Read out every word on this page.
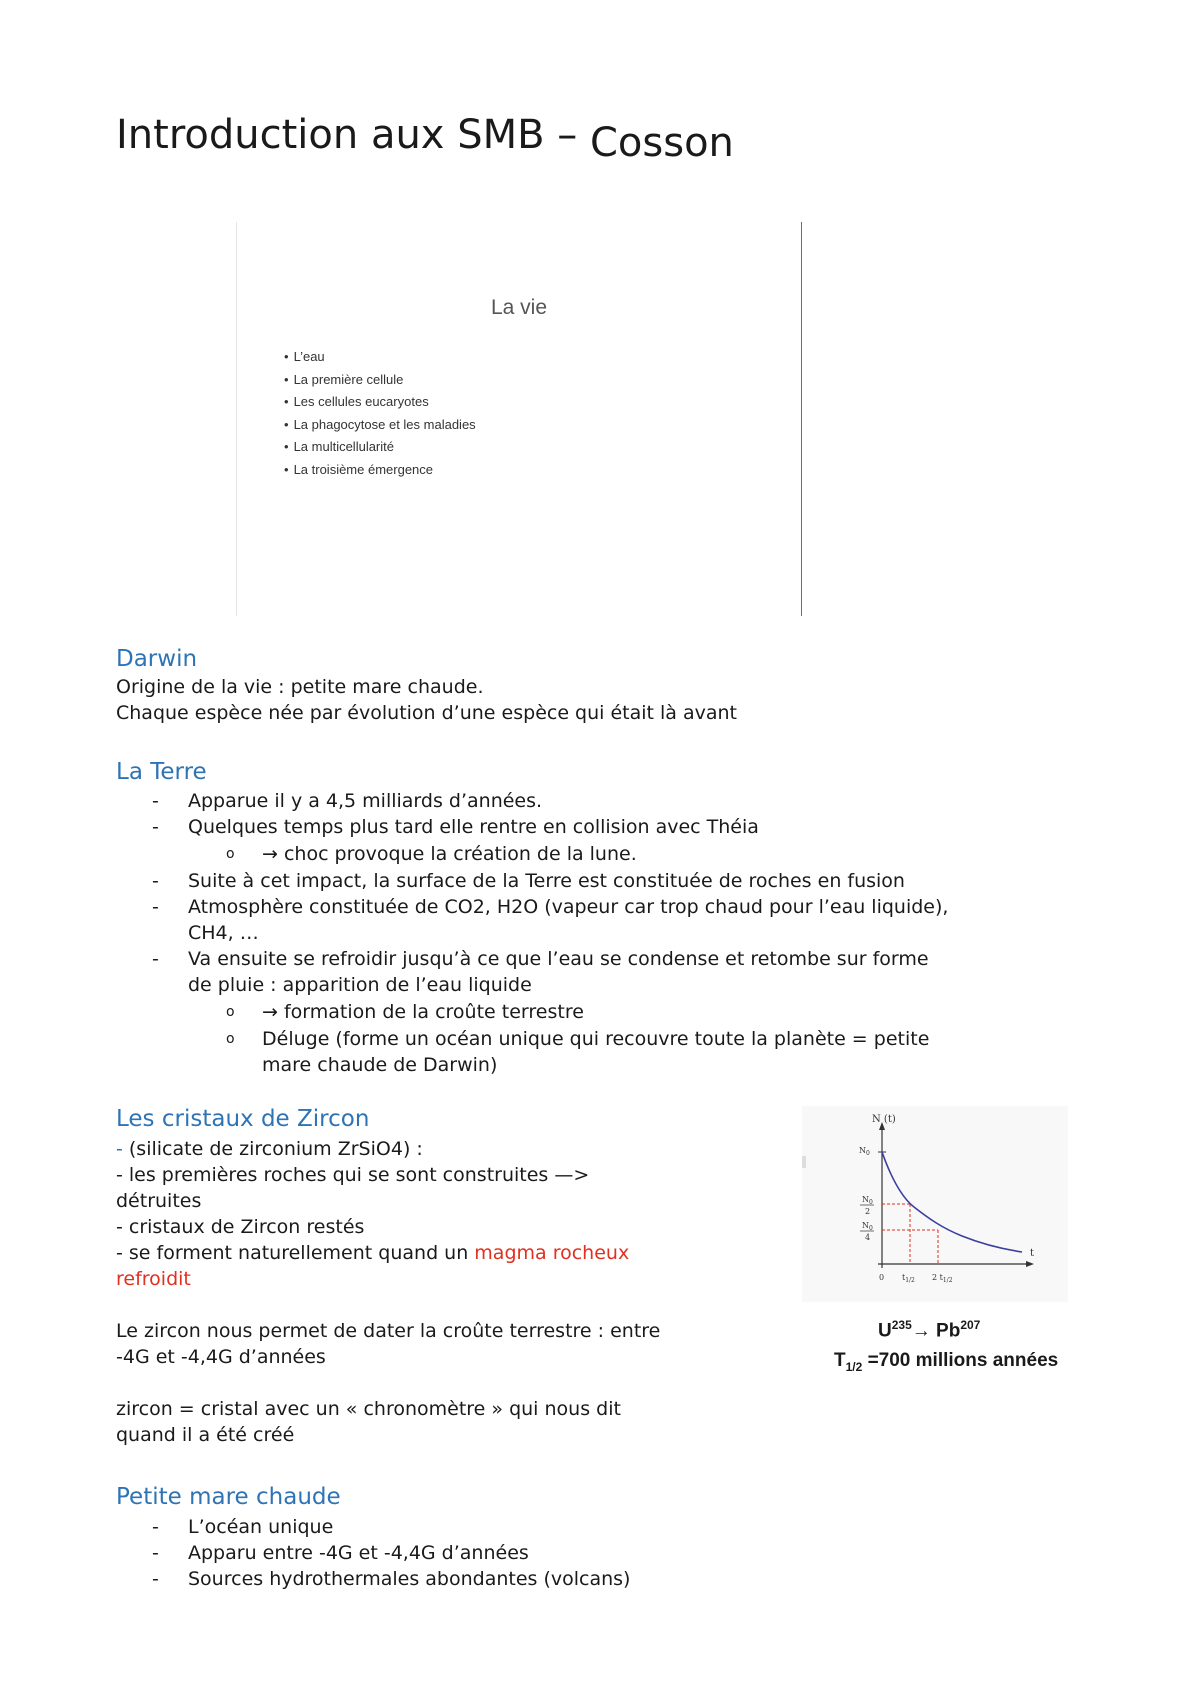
Introduction aux SMB – Cosson
La vie
• L’eau
• La première cellule
• Les cellules eucaryotes
• La phagocytose et les maladies
• La multicellularité
• La troisième émergence
Darwin
Origine de la vie : petite mare chaude.
Chaque espèce née par évolution d’une espèce qui était là avant
La Terre
- Apparue il y a 4,5 milliards d’années.
- Quelques temps plus tard elle rentre en collision avec Théia
o → choc provoque la création de la lune.
- Suite à cet impact, la surface de la Terre est constituée de roches en fusion
- Atmosphère constituée de CO2, H2O (vapeur car trop chaud pour l’eau liquide),
CH4, …
- Va ensuite se refroidir jusqu’à ce que l’eau se condense et retombe sur forme
de pluie : apparition de l’eau liquide
o → formation de la croûte terrestre
o Déluge (forme un océan unique qui recouvre toute la planète = petite
mare chaude de Darwin)
Les cristaux de Zircon
- (silicate de zirconium ZrSiO4) :
- les premières roches qui se sont construites —>
détruites
- cristaux de Zircon restés
- se forment naturellement quand un magma rocheux
refroidit
Le zircon nous permet de dater la croûte terrestre : entre
-4G et -4,4G d’années
zircon = cristal avec un « chronomètre » qui nous dit
quand il a été créé
N (t)
t
$N_0$
$N_0$
2
$N_0$
4
0 $t_{1/2}$ 2 $t_{1/2}$
$U^{235}\to Pb^{207}$
$T_{1/2} =700$ millions années
Petite mare chaude
- L’océan unique
- Apparu entre -4G et -4,4G d’années
- Sources hydrothermales abondantes (volcans)
